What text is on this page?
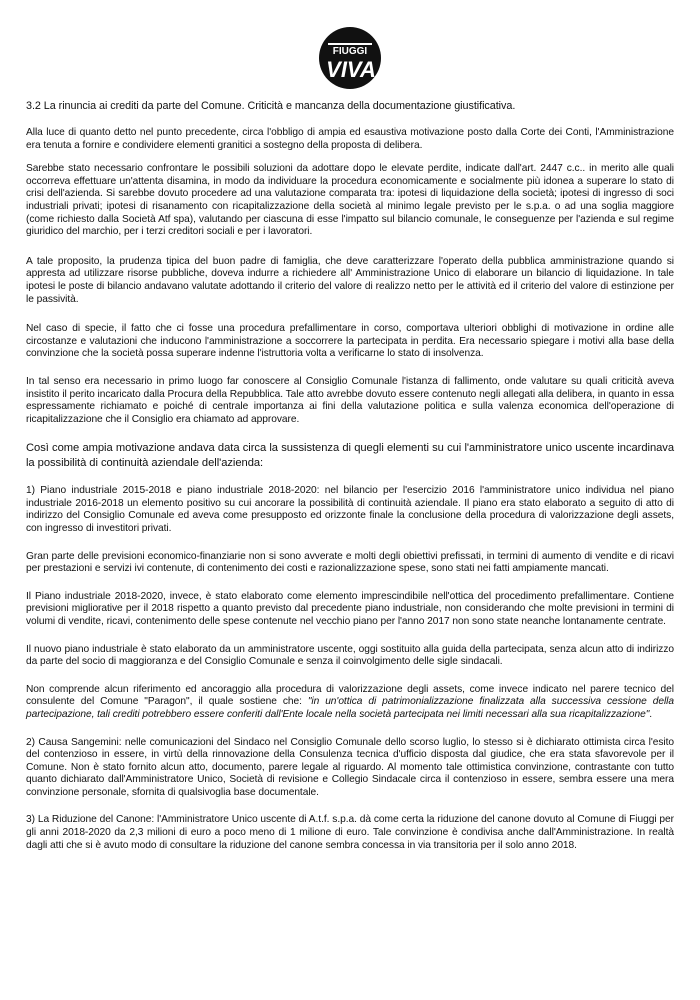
FIUGGI
VIVA
3.2 La rinuncia ai crediti da parte del Comune. Criticità e mancanza della documentazione giustificativa.

Alla luce di quanto detto nel punto precedente, circa l'obbligo di ampia ed esaustiva motivazione posto dalla Corte dei Conti, l'Amministrazione era tenuta a fornire e condividere elementi granitici a sostegno della proposta di delibera.

Sarebbe stato necessario confrontare le possibili soluzioni da adottare dopo le elevate perdite, indicate dall'art. 2447 c.c.. in merito alle quali occorreva effettuare un'attenta disamina, in modo da individuare la procedura economicamente e socialmente più idonea a superare lo stato di crisi dell'azienda. Si sarebbe dovuto procedere ad una valutazione comparata tra: ipotesi di liquidazione della società; ipotesi di ingresso di soci industriali privati; ipotesi di risanamento con ricapitalizzazione della società al minimo legale previsto per le s.p.a. o ad una soglia maggiore (come richiesto dalla Società Atf spa), valutando per ciascuna di esse l'impatto sul bilancio comunale, le conseguenze per l'azienda e sul regime giuridico del marchio, per i terzi creditori sociali e per i lavoratori.

A tale proposito, la prudenza tipica del buon padre di famiglia, che deve caratterizzare l'operato della pubblica amministrazione quando si appresta ad utilizzare risorse pubbliche, doveva indurre a richiedere all' Amministrazione Unico di elaborare un bilancio di liquidazione. In tale ipotesi le poste di bilancio andavano valutate adottando il criterio del valore di realizzo netto per le attività ed il criterio del valore di estinzione per le passività.

Nel caso di specie, il fatto che ci fosse una procedura prefallimentare in corso, comportava ulteriori obblighi di motivazione in ordine alle circostanze e valutazioni che inducono l'amministrazione a soccorrere la partecipata in perdita. Era necessario spiegare i motivi alla base della convinzione che la società possa superare indenne l'istruttoria volta a verificarne lo stato di insolvenza.

In tal senso era necessario in primo luogo far conoscere al Consiglio Comunale l'istanza di fallimento, onde valutare su quali criticità aveva insistito il perito incaricato dalla Procura della Repubblica. Tale atto avrebbe dovuto essere contenuto negli allegati alla delibera, in quanto in essa espressamente richiamato e poiché di centrale importanza ai fini della valutazione politica e sulla valenza economica dell'operazione di ricapitalizzazione che il Consiglio era chiamato ad approvare.

Così come ampia motivazione andava data circa la sussistenza di quegli elementi su cui l'amministratore unico uscente incardinava la possibilità di continuità aziendale dell'azienda:

1) Piano industriale 2015-2018 e piano industriale 2018-2020: nel bilancio per l'esercizio 2016 l'amministratore unico individua nel piano industriale 2016-2018 un elemento positivo su cui ancorare la possibilità di continuità aziendale. Il piano era stato elaborato a seguito di atto di indirizzo del Consiglio Comunale ed aveva come presupposto ed orizzonte finale la conclusione della procedura di valorizzazione degli assets, con ingresso di investitori privati.

Gran parte delle previsioni economico-finanziarie non si sono avverate e molti degli obiettivi prefissati, in termini di aumento di vendite e di ricavi per prestazioni e servizi ivi contenute, di contenimento dei costi e razionalizzazione spese, sono stati nei fatti ampiamente mancati.

Il Piano industriale 2018-2020, invece, è stato elaborato come elemento imprescindibile nell'ottica del procedimento prefallimentare. Contiene previsioni migliorative per il 2018 rispetto a quanto previsto dal precedente piano industriale, non considerando che molte previsioni in termini di volumi di vendite, ricavi, contenimento delle spese contenute nel vecchio piano per l'anno 2017 non sono state neanche lontanamente centrate.

Il nuovo piano industriale è stato elaborato da un amministratore uscente, oggi sostituito alla guida della partecipata, senza alcun atto di indirizzo da parte del socio di maggioranza e del Consiglio Comunale e senza il coinvolgimento delle sigle sindacali.

Non comprende alcun riferimento ed ancoraggio alla procedura di valorizzazione degli assets, come invece indicato nel parere tecnico del consulente del Comune "Paragon", il quale sostiene che: "in un'ottica di patrimonializzazione finalizzata alla successiva cessione della partecipazione, tali crediti potrebbero essere conferiti dall'Ente locale nella società partecipata nei limiti necessari alla sua ricapitalizzazione".

2) Causa Sangemini: nelle comunicazioni del Sindaco nel Consiglio Comunale dello scorso luglio, lo stesso si è dichiarato ottimista circa l'esito del contenzioso in essere, in virtù della rinnovazione della Consulenza tecnica d'ufficio disposta dal giudice, che era stata sfavorevole per il Comune. Non è stato fornito alcun atto, documento, parere legale al riguardo. Al momento tale ottimistica convinzione, contrastante con tutto quanto dichiarato dall'Amministratore Unico, Società di revisione e Collegio Sindacale circa il contenzioso in essere, sembra essere una mera convinzione personale, sfornita di qualsivoglia base documentale.

3) La Riduzione del Canone: l'Amministratore Unico uscente di A.t.f. s.p.a. dà come certa la riduzione del canone dovuto al Comune di Fiuggi per gli anni 2018-2020 da 2,3 milioni di euro a poco meno di 1 milione di euro. Tale convinzione è condivisa anche dall'Amministrazione. In realtà dagli atti che si è avuto modo di consultare la riduzione del canone sembra concessa in via transitoria per il solo anno 2018.
